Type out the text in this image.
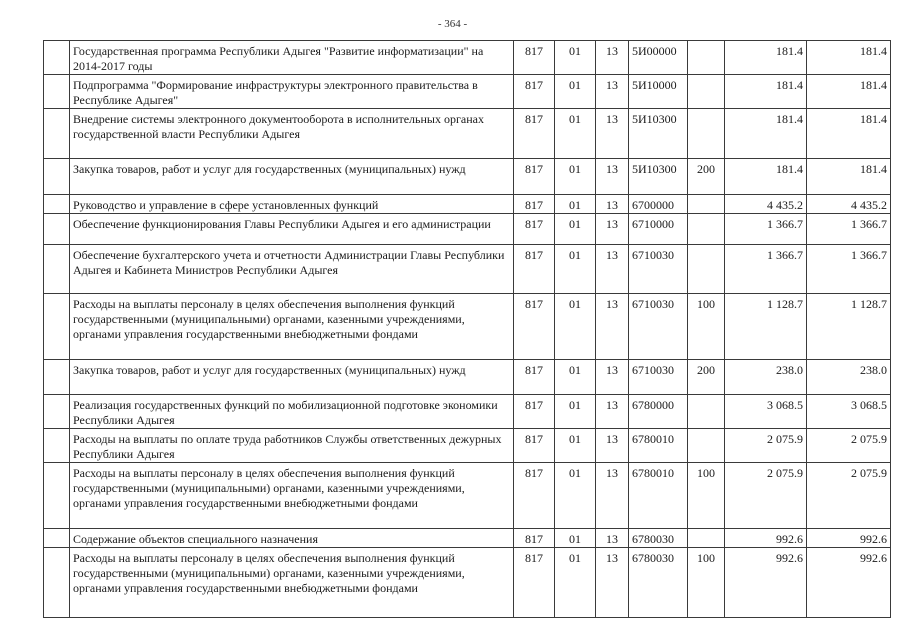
- 364 -
	Государственная программа Республики Адыгея "Развитие информатизации" на 2014-2017 годы	817	01	13	5И00000		181.4	181.4
	Подпрограмма "Формирование инфраструктуры электронного правительства в Республике Адыгея"	817	01	13	5И10000		181.4	181.4
	Внедрение системы электронного документооборота в исполнительных органах государственной власти Республики Адыгея	817	01	13	5И10300		181.4	181.4
	Закупка товаров, работ и услуг для государственных (муниципальных) нужд	817	01	13	5И10300	200	181.4	181.4
	Руководство и управление в сфере установленных функций	817	01	13	6700000		4 435.2	4 435.2
	Обеспечение функционирования Главы Республики Адыгея и его администрации	817	01	13	6710000		1 366.7	1 366.7
	Обеспечение бухгалтерского учета и отчетности Администрации Главы Республики Адыгея и Кабинета Министров Республики Адыгея	817	01	13	6710030		1 366.7	1 366.7
	Расходы на выплаты персоналу в целях обеспечения выполнения функций государственными (муниципальными) органами, казенными учреждениями, органами управления государственными внебюджетными фондами	817	01	13	6710030	100	1 128.7	1 128.7
	Закупка товаров, работ и услуг для государственных (муниципальных) нужд	817	01	13	6710030	200	238.0	238.0
	Реализация государственных функций по мобилизационной подготовке экономики Республики Адыгея	817	01	13	6780000		3 068.5	3 068.5
	Расходы на выплаты по оплате труда работников Службы ответственных дежурных Республики Адыгея	817	01	13	6780010		2 075.9	2 075.9
	Расходы на выплаты персоналу в целях обеспечения выполнения функций государственными (муниципальными) органами, казенными учреждениями, органами управления государственными внебюджетными фондами	817	01	13	6780010	100	2 075.9	2 075.9
	Содержание объектов специального назначения	817	01	13	6780030		992.6	992.6
	Расходы на выплаты персоналу в целях обеспечения выполнения функций государственными (муниципальными) органами, казенными учреждениями, органами управления государственными внебюджетными фондами	817	01	13	6780030	100	992.6	992.6
